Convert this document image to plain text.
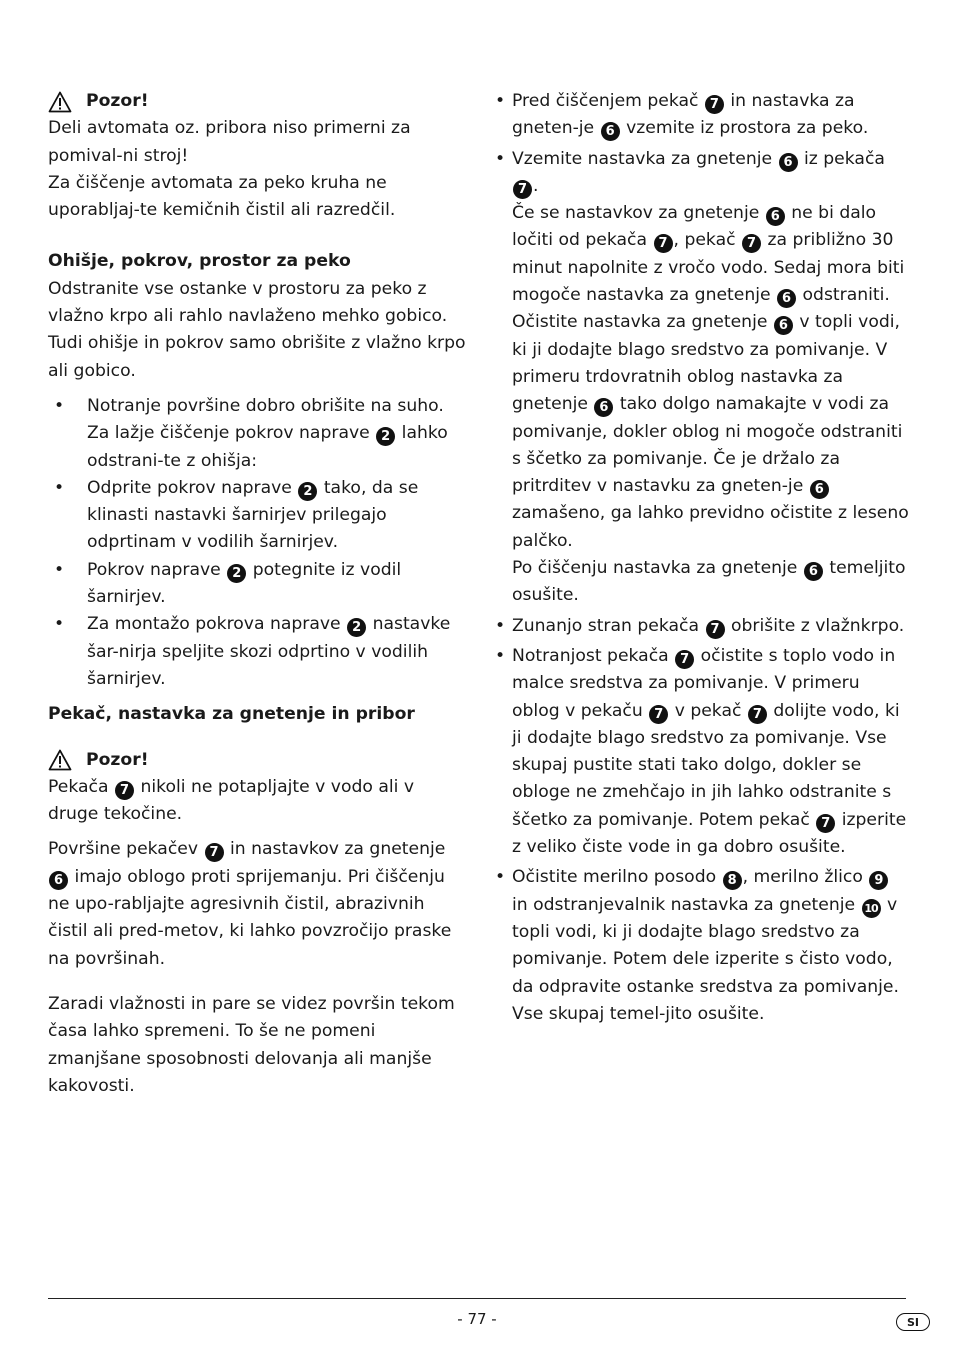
Pozor!

Deli avtomata oz. pribora niso primerni za pomival-ni stroj!

Za čiščenje avtomata za peko kruha ne uporabljaj-te kemičnih čistil ali razredčil.

Ohišje, pokrov, prostor za peko

Odstranite vse ostanke v prostoru za peko z vlažno krpo ali rahlo navlaženo mehko gobico. Tudi ohišje in pokrov samo obrišite z vlažno krpo ali gobico.

• Notranje površine dobro obrišite na suho. Za lažje čiščenje pokrov naprave 2 lahko odstrani-te z ohišja:
• Odprite pokrov naprave 2 tako, da se klinasti nastavki šarnirjev prilegajo odprtinam v vodilih šarnirjev.
• Pokrov naprave 2 potegnite iz vodil šarnirjev.
• Za montažo pokrova naprave 2 nastavke šar-nirja speljite skozi odprtino v vodilih šarnirjev.

Pekač, nastavka za gnetenje in pribor

Pozor!

Pekača 7 nikoli ne potapljajte v vodo ali v druge tekočine.

Površine pekačev 7 in nastavkov za gnetenje 6 imajo oblogo proti sprijemanju. Pri čiščenju ne upo-rabljajte agresivnih čistil, abrazivnih čistil ali pred-metov, ki lahko povzročijo praske na površinah.

Zaradi vlažnosti in pare se videz površin tekom časa lahko spremeni. To še ne pomeni zmanjšane sposobnosti delovanja ali manjše kakovosti.

• Pred čiščenjem pekač 7 in nastavka za gneten-je 6 vzemite iz prostora za peko.
• Vzemite nastavka za gnetenje 6 iz pekača 7 .
Če se nastavkov za gnetenje 6 ne bi dalo ločiti od pekača 7 , pekač 7 za približno 30 minut napolnite z vročo vodo. Sedaj mora biti mogoče nastavka za gnetenje 6 odstraniti.
Očistite nastavka za gnetenje 6 v topli vodi, ki ji dodajte blago sredstvo za pomivanje. V primeru trdovratnih oblog nastavka za gnetenje 6 tako dolgo namakajte v vodi za pomivanje, dokler oblog ni mogoče odstraniti s ščetko za pomivanje. Če je držalo za pritrditev v nastavku za gneten-je 6 zamašeno, ga lahko previdno očistite z leseno palčko.
Po čiščenju nastavka za gnetenje 6 temeljito osušite.
• Zunanjo stran pekača 7 obrišite z vlažnkrpo.
• Notranjost pekača 7 očistite s toplo vodo in malce sredstva za pomivanje. V primeru oblog v pekaču 7 v pekač 7 dolijte vodo, ki ji dodajte blago sredstvo za pomivanje. Vse skupaj pustite stati tako dolgo, dokler se obloge ne zmehčajo in jih lahko odstranite s ščetko za pomivanje. Potem pekač 7 izperite z veliko čiste vode in ga dobro osušite.
• Očistite merilno posodo 8 , merilno žlico 9 in odstranjevalnik nastavka za gnetenje 10 v topli vodi, ki ji dodajte blago sredstvo za pomivanje. Potem dele izperite s čisto vodo, da odpravite ostanke sredstva za pomivanje. Vse skupaj temel-jito osušite.
- 77 -	SI
